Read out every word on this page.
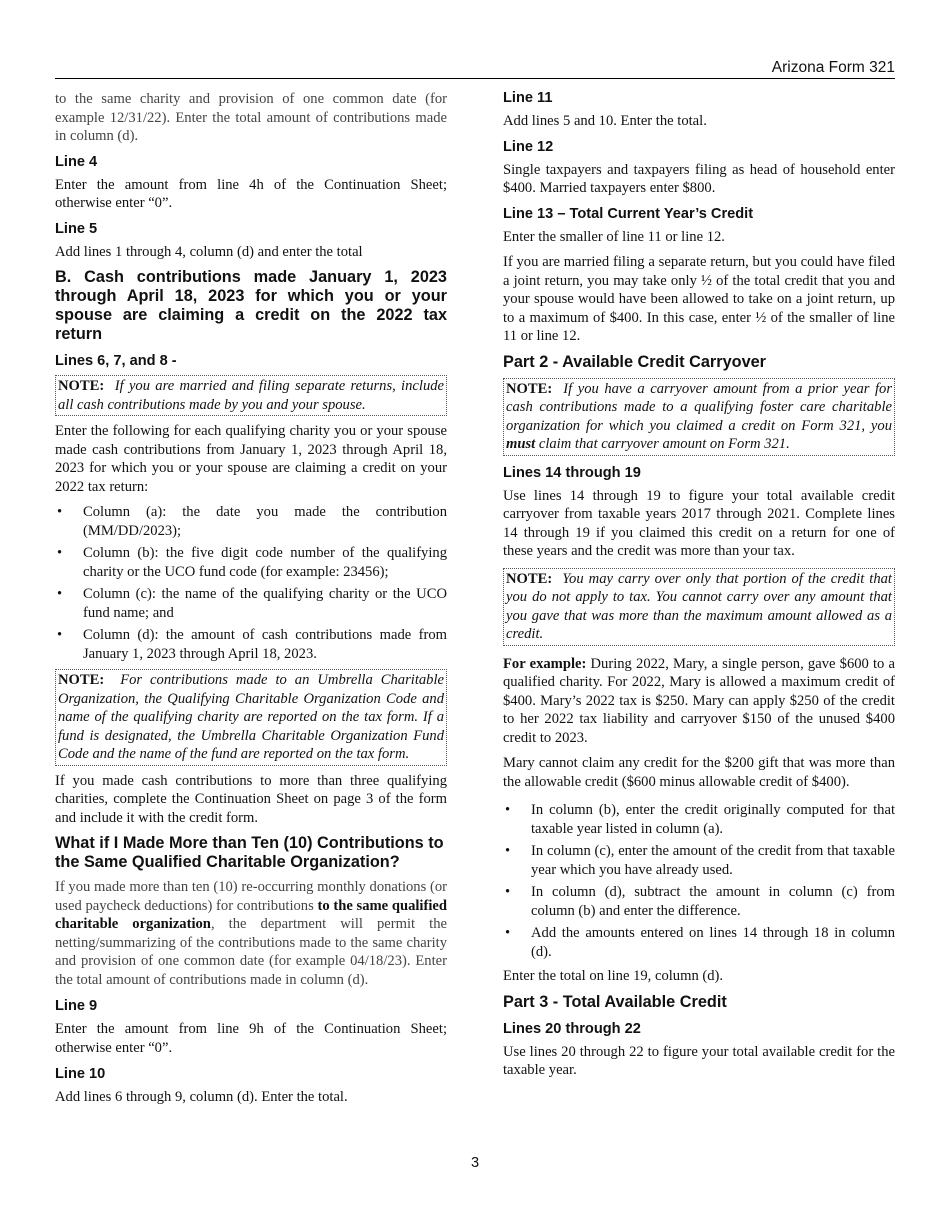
Arizona Form 321

to the same charity and provision of one common date (for example 12/31/22). Enter the total amount of contributions made in column (d).

Line 4

Enter the amount from line 4h of the Continuation Sheet; otherwise enter “0”.

Line 5

Add lines 1 through 4, column (d) and enter the total

B. Cash contributions made January 1, 2023 through April 18, 2023 for which you or your spouse are claiming a credit on the 2022 tax return
Lines 6, 7, and 8 -
NOTE: If you are married and filing separate returns, include all cash contributions made by you and your spouse.

Enter the following for each qualifying charity you or your spouse made cash contributions from January 1, 2023 through April 18, 2023 for which you or your spouse are claiming a credit on your 2022 tax return:

• Column (a): the date you made the contribution (MM/DD/2023);
• Column (b): the five digit code number of the qualifying charity or the UCO fund code (for example: 23456);
• Column (c): the name of the qualifying charity or the UCO fund name; and
• Column (d): the amount of cash contributions made from January 1, 2023 through April 18, 2023.
NOTE: For contributions made to an Umbrella Charitable Organization, the Qualifying Charitable Organization Code and name of the qualifying charity are reported on the tax form. If a fund is designated, the Umbrella Charitable Organization Fund Code and the name of the fund are reported on the tax form.

If you made cash contributions to more than three qualifying charities, complete the Continuation Sheet on page 3 of the form and include it with the credit form.

What if I Made More than Ten (10) Contributions to the Same Qualified Charitable Organization?

If you made more than ten (10) re-occurring monthly donations (or used paycheck deductions) for contributions to the same qualified charitable organization, the department will permit the netting/summarizing of the contributions made to the same charity and provision of one common date (for example 04/18/23). Enter the total amount of contributions made in column (d).

Line 9

Enter the amount from line 9h of the Continuation Sheet; otherwise enter “0”.

Line 10

Add lines 6 through 9, column (d). Enter the total.

Line 11

Add lines 5 and 10. Enter the total.

Line 12

Single taxpayers and taxpayers filing as head of household enter $400. Married taxpayers enter $800.

Line 13 – Total Current Year’s Credit

Enter the smaller of line 11 or line 12.

If you are married filing a separate return, but you could have filed a joint return, you may take only ½ of the total credit that you and your spouse would have been allowed to take on a joint return, up to a maximum of $400. In this case, enter ½ of the smaller of line 11 or line 12.

Part 2 - Available Credit Carryover
NOTE: If you have a carryover amount from a prior year for cash contributions made to a qualifying foster care charitable organization for which you claimed a credit on Form 321, you must claim that carryover amount on Form 321.
Lines 14 through 19

Use lines 14 through 19 to figure your total available credit carryover from taxable years 2017 through 2021. Complete lines 14 through 19 if you claimed this credit on a return for one of these years and the credit was more than your tax.

NOTE: You may carry over only that portion of the credit that you do not apply to tax. You cannot carry over any amount that you gave that was more than the maximum amount allowed as a credit.

For example: During 2022, Mary, a single person, gave $600 to a qualified charity. For 2022, Mary is allowed a maximum credit of $400. Mary’s 2022 tax is $250. Mary can apply $250 of the credit to her 2022 tax liability and carryover $150 of the unused $400 credit to 2023.

Mary cannot claim any credit for the $200 gift that was more than the allowable credit ($600 minus allowable credit of $400).

• In column (b), enter the credit originally computed for that taxable year listed in column (a).
• In column (c), enter the amount of the credit from that taxable year which you have already used.
• In column (d), subtract the amount in column (c) from column (b) and enter the difference.
• Add the amounts entered on lines 14 through 18 in column (d).

Enter the total on line 19, column (d).

Part 3 - Total Available Credit
Lines 20 through 22

Use lines 20 through 22 to figure your total available credit for the taxable year.

3
